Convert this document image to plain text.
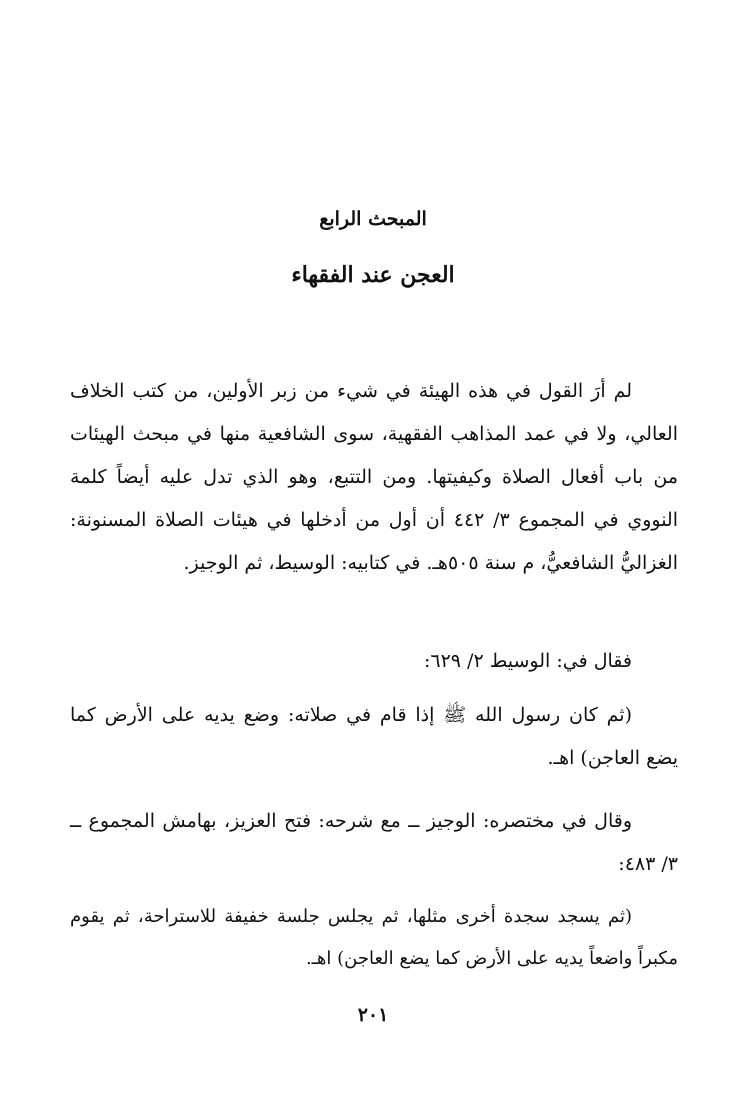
المبحث الرابع
العجن عند الفقهاء

لم أرَ القول في هذه الهيئة في شيء من زبر الأولين، من كتب الخلاف العالي، ولا في عمد المذاهب الفقهية، سوى الشافعية منها في مبحث الهيئات من باب أفعال الصلاة وكيفيتها. ومن التتبع، وهو الذي تدل عليه أيضاً كلمة النووي في المجموع ٣/ ٤٤٢ أن أول من أدخلها في هيئات الصلاة المسنونة: الغزاليُّ الشافعيُّ، م سنة ٥٠٥هـ. في كتابيه: الوسيط، ثم الوجيز.

فقال في: الوسيط ٢/ ٦٢٩:

(ثم كان رسول الله ﷺ إذا قام في صلاته: وضع يديه على الأرض كما يضع العاجن) اهـ.

وقال في مختصره: الوجيز ــ مع شرحه: فتح العزيز، بهامش المجموع ــ ٣/ ٤٨٣:

(ثم يسجد سجدة أخرى مثلها، ثم يجلس جلسة خفيفة للاستراحة، ثم يقوم مكبراً واضعاً يديه على الأرض كما يضع العاجن) اهـ.

٢٠١
